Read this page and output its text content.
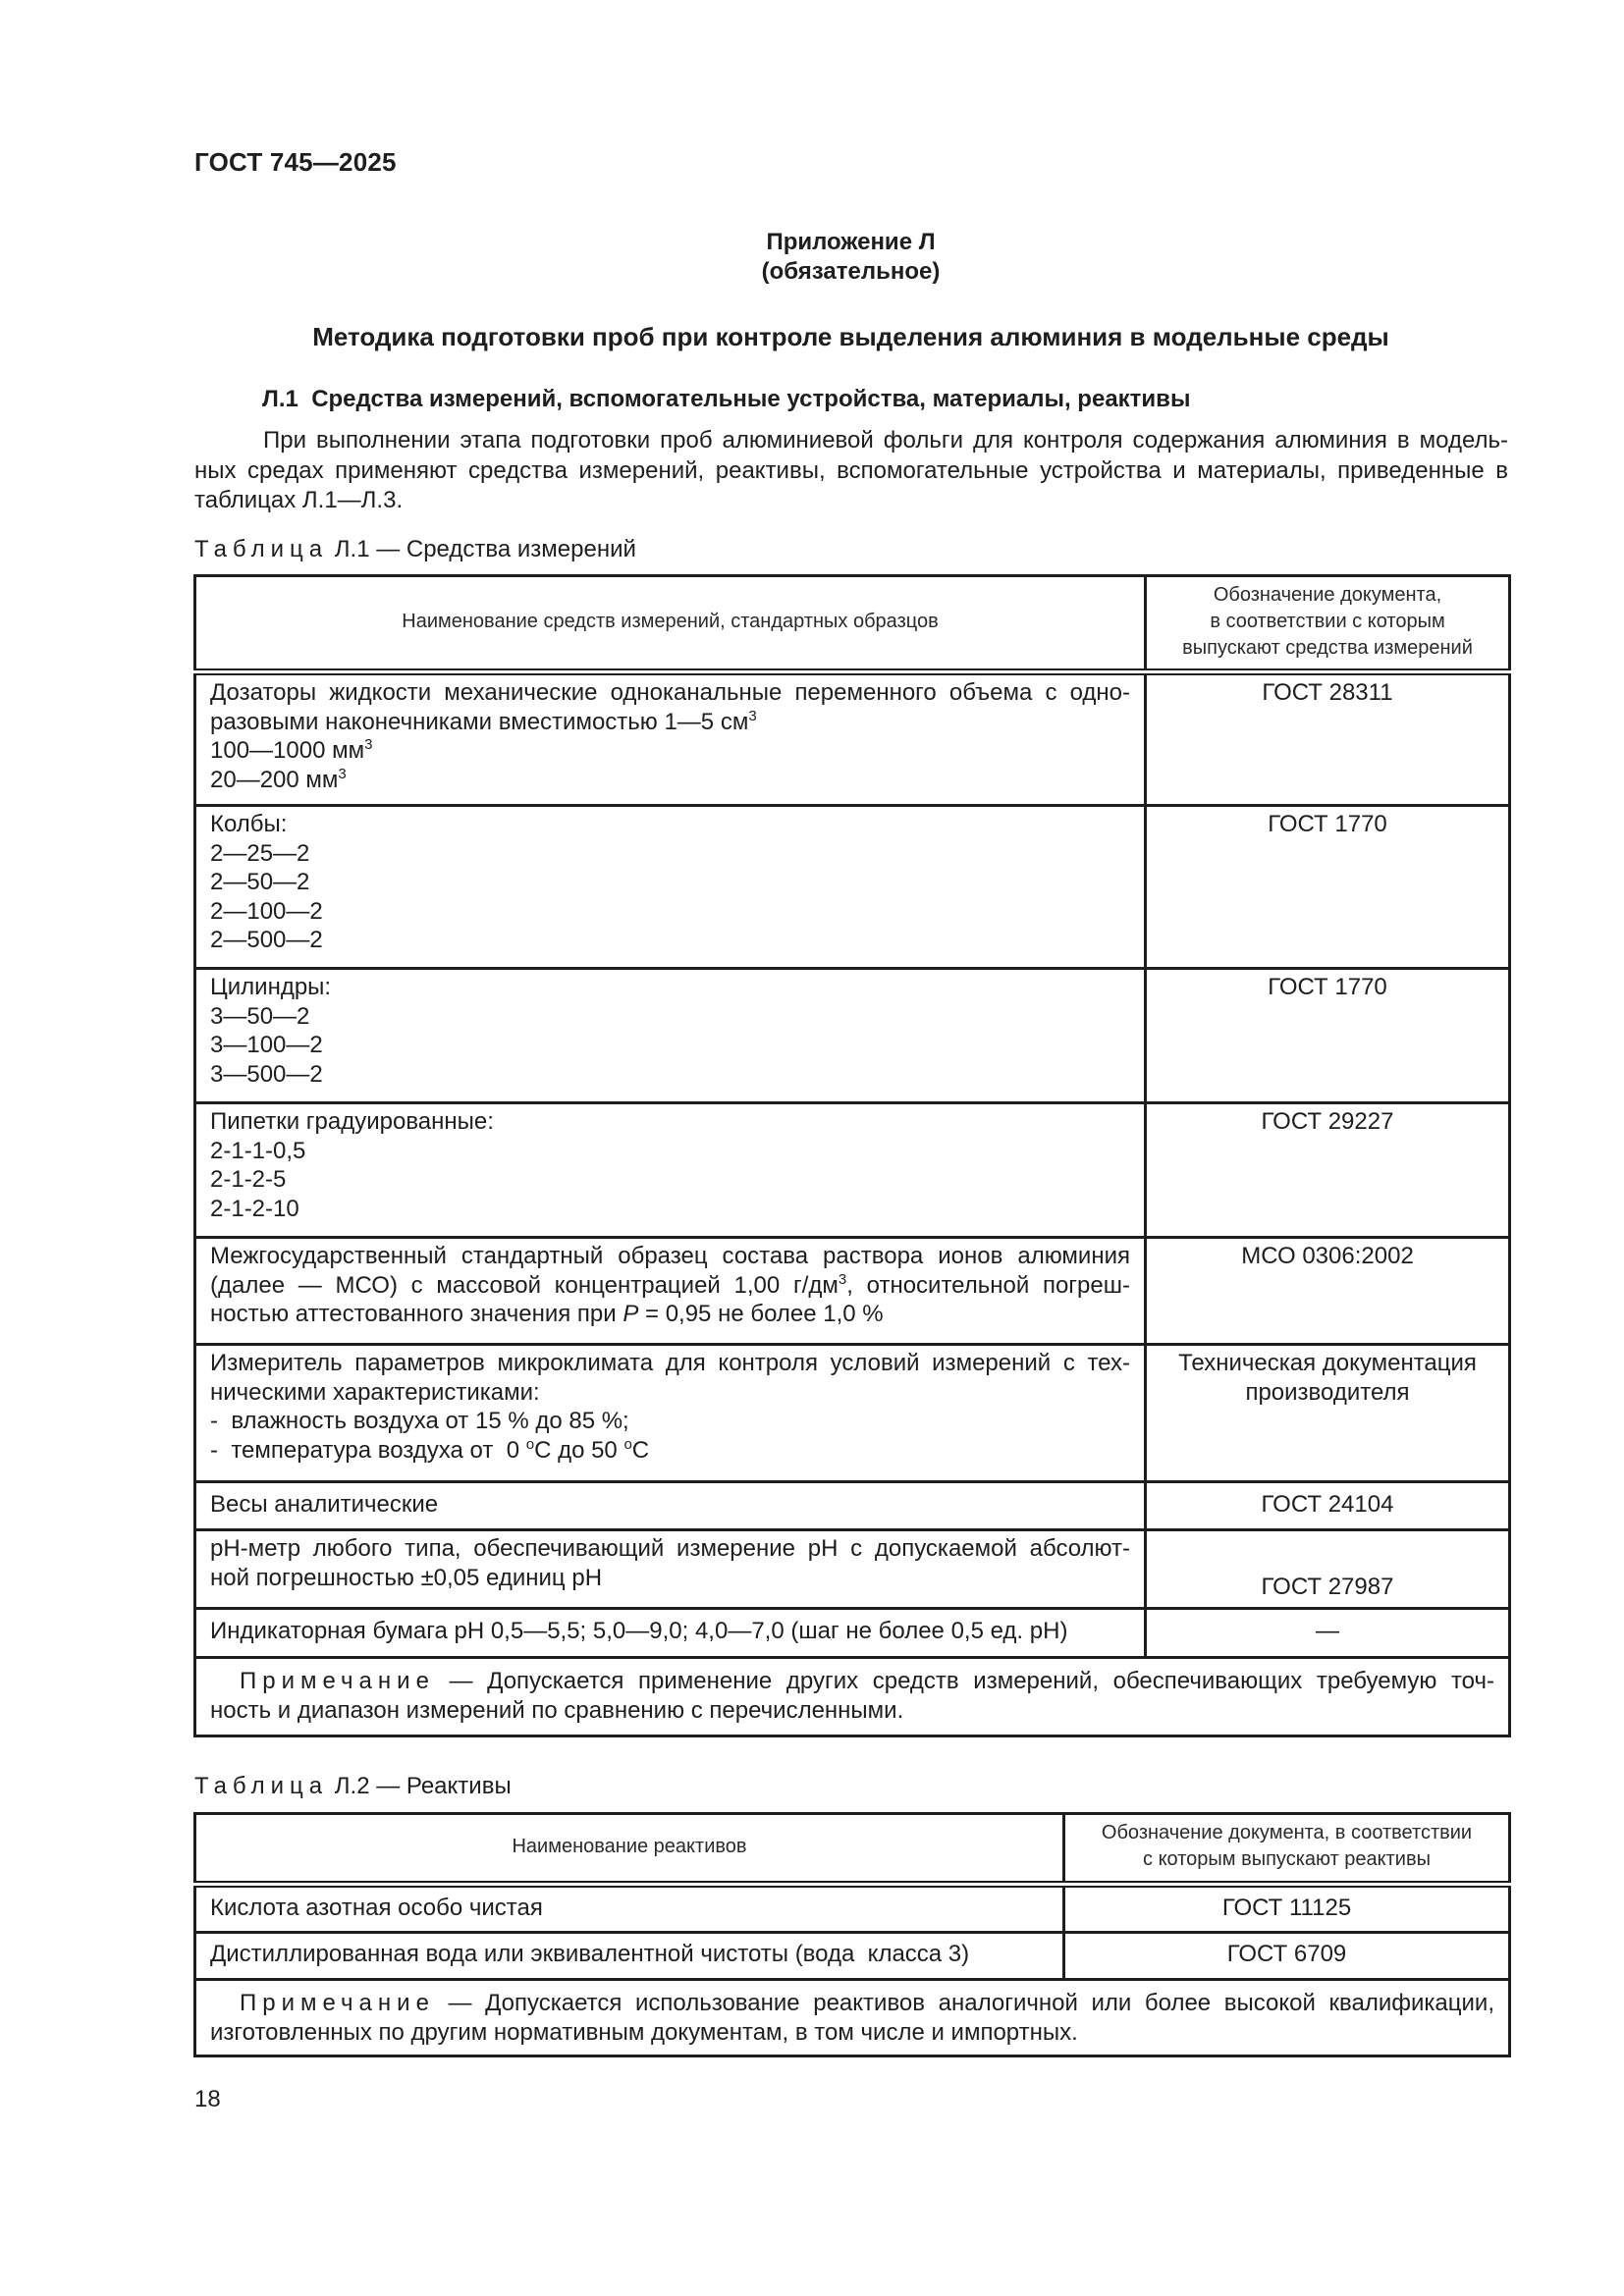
ГОСТ 745—2025
Приложение Л
(обязательное)
Методика подготовки проб при контроле выделения алюминия в модельные среды
Л.1  Средства измерений, вспомогательные устройства, материалы, реактивы
При выполнении этапа подготовки проб алюминиевой фольги для контроля содержания алюминия в модель-
ных средах применяют средства измерений, реактивы, вспомогательные устройства и материалы, приведенные в
таблицах Л.1—Л.3.
Таблица Л.1 — Средства измерений
Наименование средств измерений, стандартных образцов	Обозначение документа,
в соответствии с которым
выпускают средства измерений

Дозаторы жидкости механические одноканальные переменного объема с одно-
разовыми наконечниками вместимостью 1—5 $см^3$
100—1000 $мм^3$
20—200 $мм^3$	ГОСТ 28311

Колбы:
2—25—2
2—50—2
2—100—2
2—500—2	ГОСТ 1770

Цилиндры:
3—50—2
3—100—2
3—500—2	ГОСТ 1770

Пипетки градуированные:
2-1-1-0,5
2-1-2-5
2-1-2-10	ГОСТ 29227

Межгосударственный стандартный образец состава раствора ионов алюминия
(далее — МСО) с массовой концентрацией 1,00 $г/дм^3$, относительной погреш-
ностью аттестованного значения при P = 0,95 не более 1,0 %	МСО 0306:2002

Измеритель параметров микроклимата для контроля условий измерений с тех-
ническими характеристиками:
-  влажность воздуха от 15 % до 85 %;
-  температура воздуха от  0 $^o$C до 50 $^o$C	Техническая документация
производителя

Весы аналитические	ГОСТ 24104

pH-метр любого типа, обеспечивающий измерение pH с допускаемой абсолют-
ной погрешностью ±0,05 единиц pH	ГОСТ 27987
Индикаторная бумага pH 0,5—5,5; 5,0—9,0; 4,0—7,0 (шаг не более 0,5 ед. pH)	—

Примечание — Допускается применение других средств измерений, обеспечивающих требуемую точ-
ность и диапазон измерений по сравнению с перечисленными.	
Таблица Л.2 — Реактивы
Наименование реактивов	Обозначение документа, в соответствии
с которым выпускают реактивы

Кислота азотная особо чистая	ГОСТ 11125
Дистиллированная вода или эквивалентной чистоты (вода  класса 3)	ГОСТ 6709

Примечание — Допускается использование реактивов аналогичной или более высокой квалификации,
изготовленных по другим нормативным документам, в том числе и импортных.	
18
